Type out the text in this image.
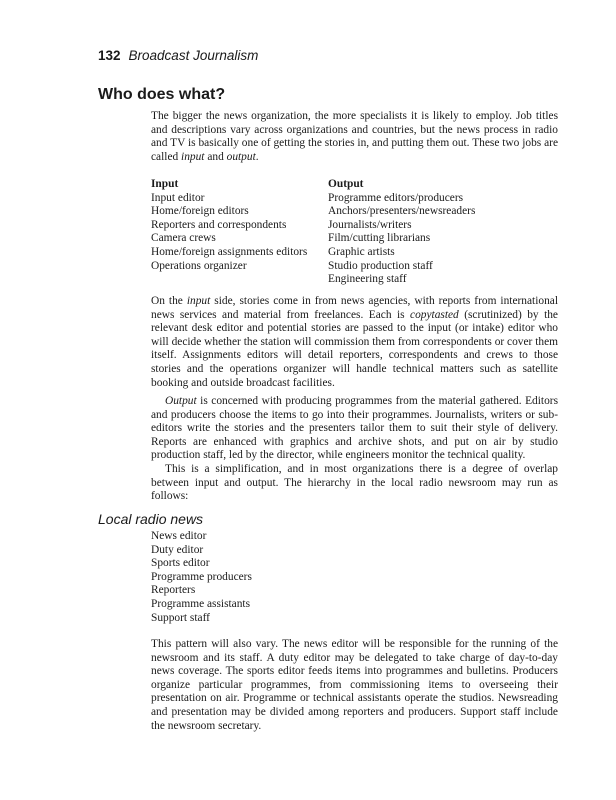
132 Broadcast Journalism
Who does what?

The bigger the news organization, the more specialists it is likely to employ. Job titles and descriptions vary across organizations and countries, but the news process in radio and TV is basically one of getting the stories in, and putting them out. These two jobs are called input and output.

Input
Input editor
Home/foreign editors
Reporters and correspondents
Camera crews
Home/foreign assignments editors
Operations organizer
Output
Programme editors/producers
Anchors/presenters/newsreaders
Journalists/writers
Film/cutting librarians
Graphic artists
Studio production staff
Engineering staff

On the input side, stories come in from news agencies, with reports from international news services and material from freelances. Each is copytasted (scrutinized) by the relevant desk editor and potential stories are passed to the input (or intake) editor who will decide whether the station will commission them from correspondents or cover them itself. Assignments editors will detail reporters, correspondents and crews to those stories and the operations organizer will handle technical matters such as satellite booking and outside broadcast facilities.

Output is concerned with producing programmes from the material gathered. Editors and producers choose the items to go into their programmes. Journalists, writers or sub-editors write the stories and the presenters tailor them to suit their style of delivery. Reports are enhanced with graphics and archive shots, and put on air by studio production staff, led by the director, while engineers monitor the technical quality.

This is a simplification, and in most organizations there is a degree of overlap between input and output. The hierarchy in the local radio newsroom may run as follows:

Local radio news
News editor
Duty editor
Sports editor
Programme producers
Reporters
Programme assistants
Support staff

This pattern will also vary. The news editor will be responsible for the running of the newsroom and its staff. A duty editor may be delegated to take charge of day-to-day news coverage. The sports editor feeds items into programmes and bulletins. Producers organize particular programmes, from commissioning items to overseeing their presentation on air. Programme or technical assistants operate the studios. Newsreading and presentation may be divided among reporters and producers. Support staff include the newsroom secretary.
